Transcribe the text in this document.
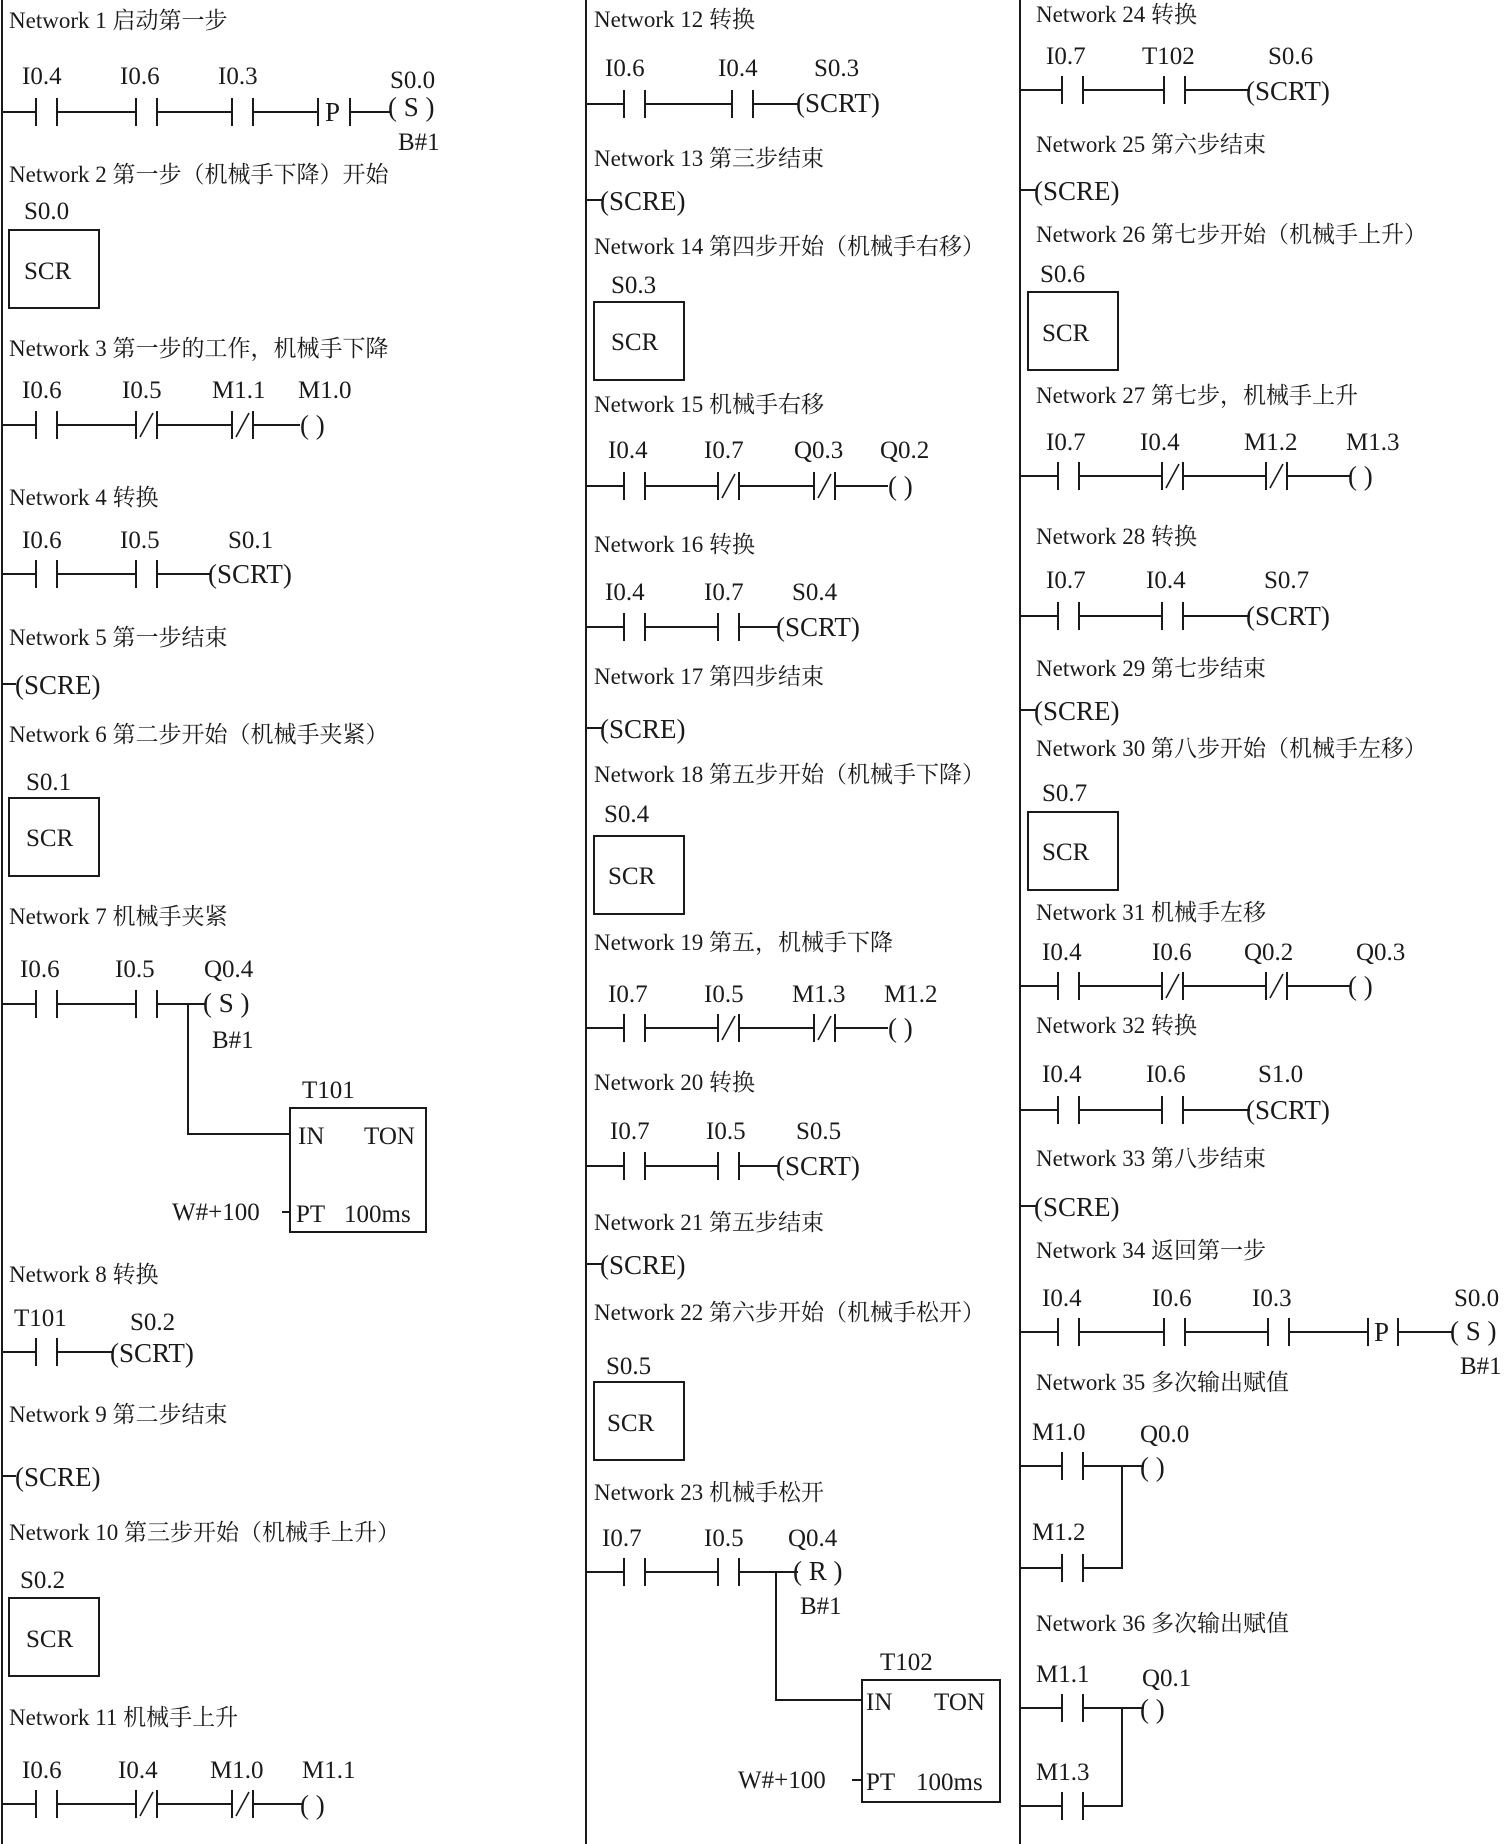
Network 1 启动第一步
I0.4 I0.6 I0.3
P
S0.0
( S )
B#1
Network 2 第一步（机械手下降）开始
S0.0
SCR
Network 3 第一步的工作，机械手下降
I0.6 I0.5 M1.1 M1.0
( )
Network 4 转换
I0.6 I0.5	S0.1
(SCRT)
Network 5 第一步结束
(SCRE)
Network 6 第二步开始（机械手夹紧）
S0.1
SCR
Network 7 机械手夹紧
I0.6 I0.5 Q0.4
( S )
B#1
T101
IN TON
PT 100ms
W#+100
Network 8 转换
T101	S0.2
(SCRT)
Network 9 第二步结束
(SCRE)
Network 10 第三步开始（机械手上升）
S0.2
SCR
Network 11 机械手上升
I0.6 I0.4 M1.0 M1.1
( )
Network 12 转换
I0.6	I0.4 S0.3
(SCRT)
Network 13 第三步结束
(SCRE)
Network 14 第四步开始（机械手右移）
S0.3
SCR
Network 15 机械手右移
I0.4 I0.7 Q0.3 Q0.2
( )
Network 16 转换
I0.4 I0.7 S0.4
(SCRT)
Network 17 第四步结束
(SCRE)
Network 18 第五步开始（机械手下降）
S0.4
SCR
Network 19 第五，机械手下降
I0.7 I0.5 M1.3 M1.2
( )
Network 20 转换
I0.7 I0.5 S0.5
(SCRT)
Network 21 第五步结束
(SCRE)
Network 22 第六步开始（机械手松开）
S0.5
SCR
Network 23 机械手松开
I0.7 I0.5 Q0.4
( R )
B#1
T102
IN TON
PT 100ms
W#+100
Network 24 转换
I0.7 T102	S0.6
(SCRT)
Network 25 第六步结束
(SCRE)
Network 26 第七步开始（机械手上升）
S0.6
SCR
Network 27 第七步，机械手上升
I0.7 I0.4	M1.2 M1.3
( )
Network 28 转换
I0.7 I0.4	S0.7
(SCRT)
Network 29 第七步结束
(SCRE)
Network 30 第八步开始（机械手左移）
S0.7
SCR
Network 31 机械手左移
I0.4	I0.6 Q0.2	Q0.3
( )
Network 32 转换
I0.4	I0.6	S1.0
(SCRT)
Network 33 第八步结束
(SCRE)
Network 34 返回第一步
I0.4	I0.6 I0.3
P
S0.0
( S )
B#1
Network 35 多次输出赋值
M1.0
M1.2
Q0.0
( )
Network 36 多次输出赋值
M1.1
M1.3
Q0.1
( )
